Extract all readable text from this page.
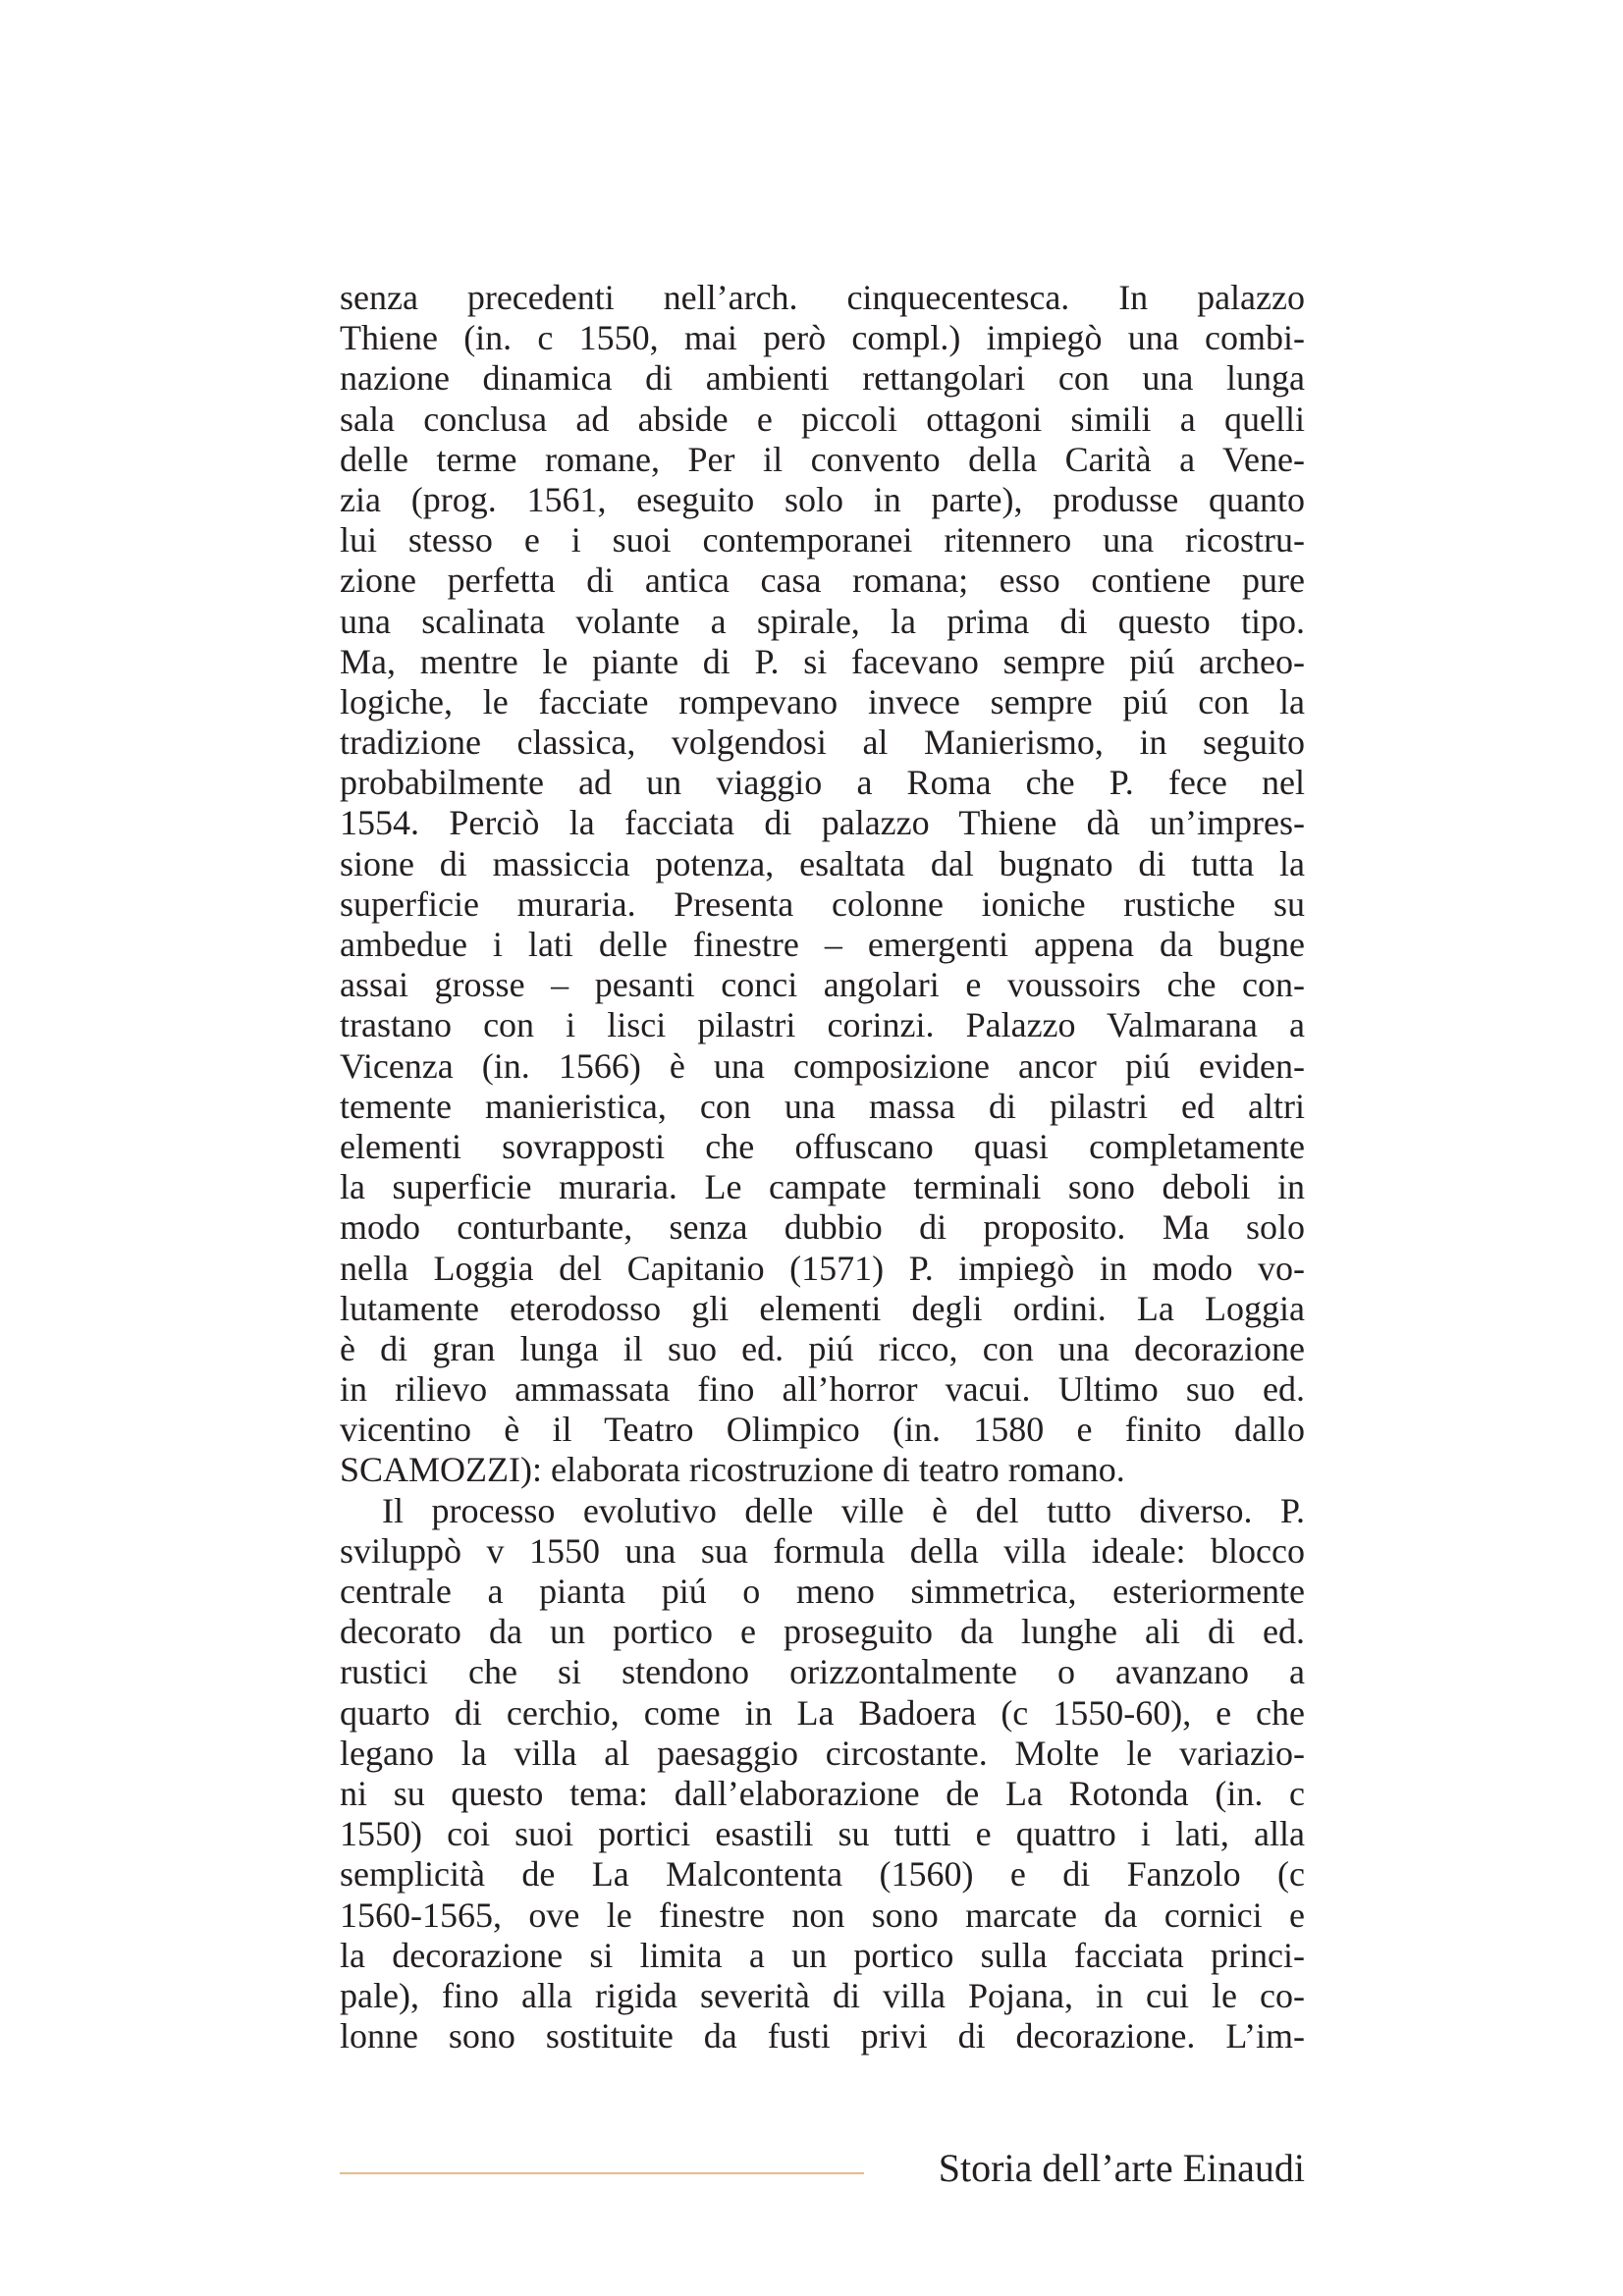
senza precedenti nell’arch. cinquecentesca. In palazzo
Thiene (in. c 1550, mai però compl.) impiegò una combi-
nazione dinamica di ambienti rettangolari con una lunga
sala conclusa ad abside e piccoli ottagoni simili a quelli
delle terme romane, Per il convento della Carità a Vene-
zia (prog. 1561, eseguito solo in parte), produsse quanto
lui stesso e i suoi contemporanei ritennero una ricostru-
zione perfetta di antica casa romana; esso contiene pure
una scalinata volante a spirale, la prima di questo tipo.
Ma, mentre le piante di P. si facevano sempre piú archeo-
logiche, le facciate rompevano invece sempre piú con la
tradizione classica, volgendosi al Manierismo, in seguito
probabilmente ad un viaggio a Roma che P. fece nel
1554. Perciò la facciata di palazzo Thiene dà un’impres-
sione di massiccia potenza, esaltata dal bugnato di tutta la
superficie muraria. Presenta colonne ioniche rustiche su
ambedue i lati delle finestre – emergenti appena da bugne
assai grosse – pesanti conci angolari e voussoirs che con-
trastano con i lisci pilastri corinzi. Palazzo Valmarana a
Vicenza (in. 1566) è una composizione ancor piú eviden-
temente manieristica, con una massa di pilastri ed altri
elementi sovrapposti che offuscano quasi completamente
la superficie muraria. Le campate terminali sono deboli in
modo conturbante, senza dubbio di proposito. Ma solo
nella Loggia del Capitanio (1571) P. impiegò in modo vo-
lutamente eterodosso gli elementi degli ordini. La Loggia
è di gran lunga il suo ed. piú ricco, con una decorazione
in rilievo ammassata fino all’horror vacui. Ultimo suo ed.
vicentino è il Teatro Olimpico (in. 1580 e finito dallo
SCAMOZZI): elaborata ricostruzione di teatro romano.
Il processo evolutivo delle ville è del tutto diverso. P.
sviluppò v 1550 una sua formula della villa ideale: blocco
centrale a pianta piú o meno simmetrica, esteriormente
decorato da un portico e proseguito da lunghe ali di ed.
rustici che si stendono orizzontalmente o avanzano a
quarto di cerchio, come in La Badoera (c 1550-60), e che
legano la villa al paesaggio circostante. Molte le variazio-
ni su questo tema: dall’elaborazione de La Rotonda (in. c
1550) coi suoi portici esastili su tutti e quattro i lati, alla
semplicità de La Malcontenta (1560) e di Fanzolo (c
1560-1565, ove le finestre non sono marcate da cornici e
la decorazione si limita a un portico sulla facciata princi-
pale), fino alla rigida severità di villa Pojana, in cui le co-
lonne sono sostituite da fusti privi di decorazione. L’im-
Storia dell’arte Einaudi
